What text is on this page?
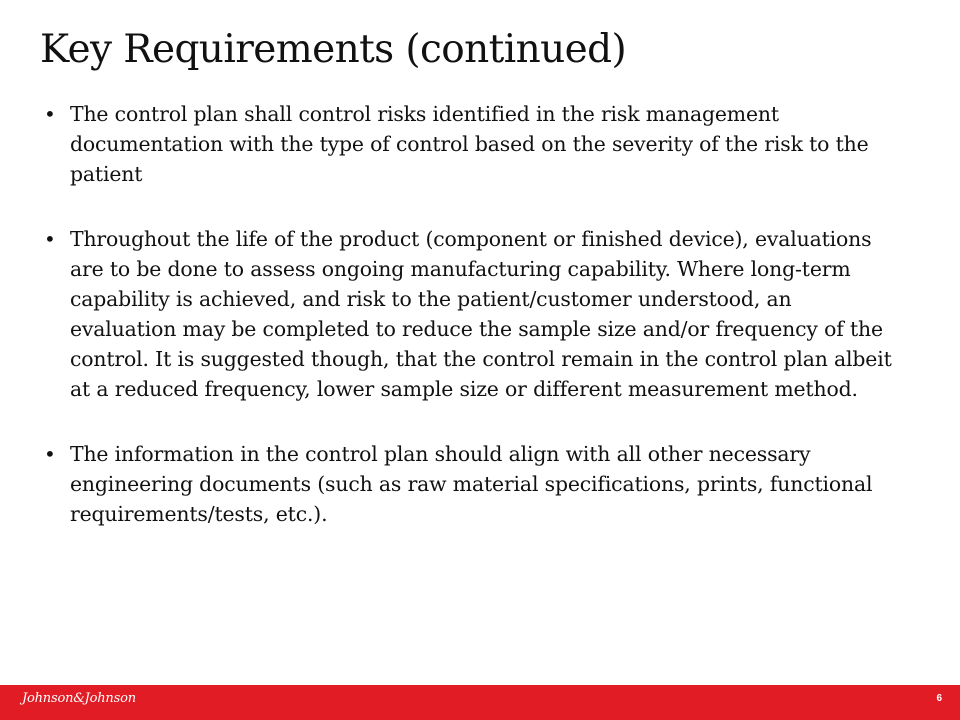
Key Requirements (continued)
• The control plan shall control risks identified in the risk management documentation with the type of control based on the severity of the risk to the patient
• Throughout the life of the product (component or finished device), evaluations are to be done to assess ongoing manufacturing capability. Where long-term capability is achieved, and risk to the patient/customer understood, an evaluation may be completed to reduce the sample size and/or frequency of the control. It is suggested though, that the control remain in the control plan albeit at a reduced frequency, lower sample size or different measurement method.
• The information in the control plan should align with all other necessary engineering documents (such as raw material specifications, prints, functional requirements/tests, etc.).
Johnson&Johnson	6
